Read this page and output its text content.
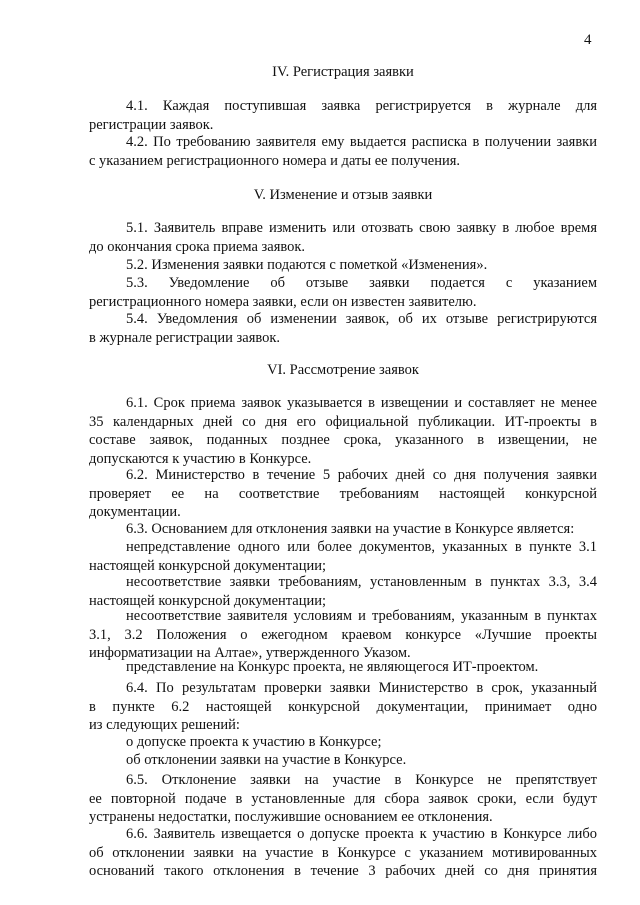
4
IV. Регистрация заявки
4.1. Каждая поступившая заявка регистрируется в журнале для
регистрации заявок.
4.2. По требованию заявителя ему выдается расписка в получении заявки
с указанием регистрационного номера и даты ее получения.
V. Изменение и отзыв заявки
5.1. Заявитель вправе изменить или отозвать свою заявку в любое время
до окончания срока приема заявок.
5.2. Изменения заявки подаются с пометкой «Изменения».
5.3. Уведомление об отзыве заявки подается с указанием
регистрационного номера заявки, если он известен заявителю.
5.4. Уведомления об изменении заявок, об их отзыве регистрируются
в журнале регистрации заявок.
VI. Рассмотрение заявок
6.1. Срок приема заявок указывается в извещении и составляет не менее
35 календарных дней со дня его официальной публикации. ИТ-проекты в
составе заявок, поданных позднее срока, указанного в извещении, не
допускаются к участию в Конкурсе.
6.2. Министерство в течение 5 рабочих дней со дня получения заявки
проверяет ее на соответствие требованиям настоящей конкурсной
документации.
6.3. Основанием для отклонения заявки на участие в Конкурсе является:
непредставление одного или более документов, указанных в пункте 3.1
настоящей конкурсной документации;
несоответствие заявки требованиям, установленным в пунктах 3.3, 3.4
настоящей конкурсной документации;
несоответствие заявителя условиям и требованиям, указанным в пунктах
3.1, 3.2 Положения о ежегодном краевом конкурсе «Лучшие проекты
информатизации на Алтае», утвержденного Указом.
представление на Конкурс проекта, не являющегося ИТ-проектом.
6.4. По результатам проверки заявки Министерство в срок, указанный
в пункте 6.2 настоящей конкурсной документации, принимает одно
из следующих решений:
о допуске проекта к участию в Конкурсе;
об отклонении заявки на участие в Конкурсе.
6.5. Отклонение заявки на участие в Конкурсе не препятствует
ее повторной подаче в установленные для сбора заявок сроки, если будут
устранены недостатки, послужившие основанием ее отклонения.
6.6. Заявитель извещается о допуске проекта к участию в Конкурсе либо
об отклонении заявки на участие в Конкурсе с указанием мотивированных
оснований такого отклонения в течение 3 рабочих дней со дня принятия
